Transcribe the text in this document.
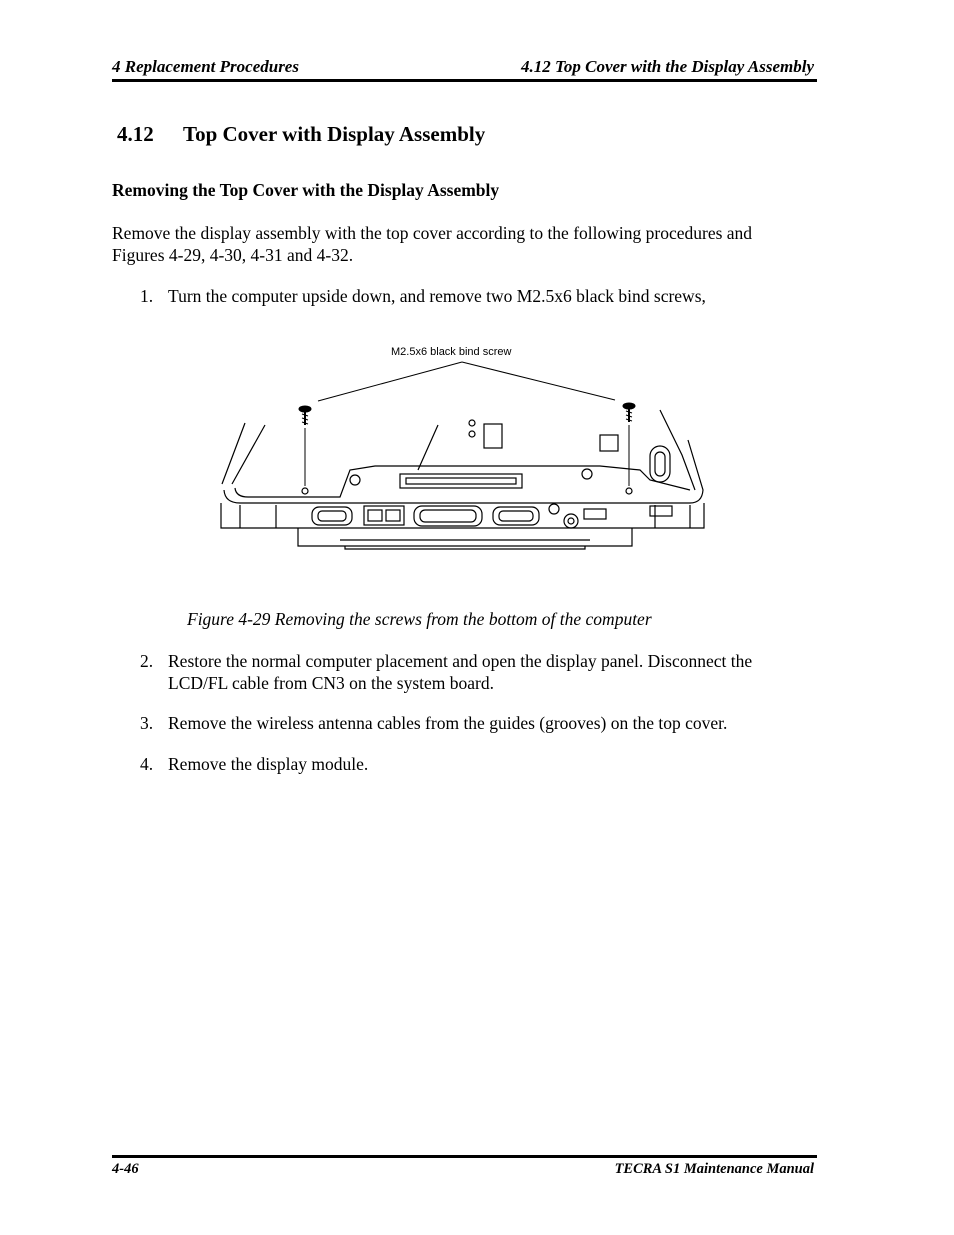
4 Replacement Procedures	4.12 Top Cover with the Display Assembly
4.12 Top Cover with Display Assembly
Removing the Top Cover with the Display Assembly
Remove the display assembly with the top cover according to the following procedures and
Figures 4-29, 4-30, 4-31 and 4-32.
1. Turn the computer upside down, and remove two M2.5x6 black bind screws,
M2.5x6 black bind screw
Figure 4-29 Removing the screws from the bottom of the computer
2. Restore the normal computer placement and open the display panel. Disconnect the
LCD/FL cable from CN3 on the system board.
3. Remove the wireless antenna cables from the guides (grooves) on the top cover.
4. Remove the display module.
4-46	TECRA S1 Maintenance Manual
